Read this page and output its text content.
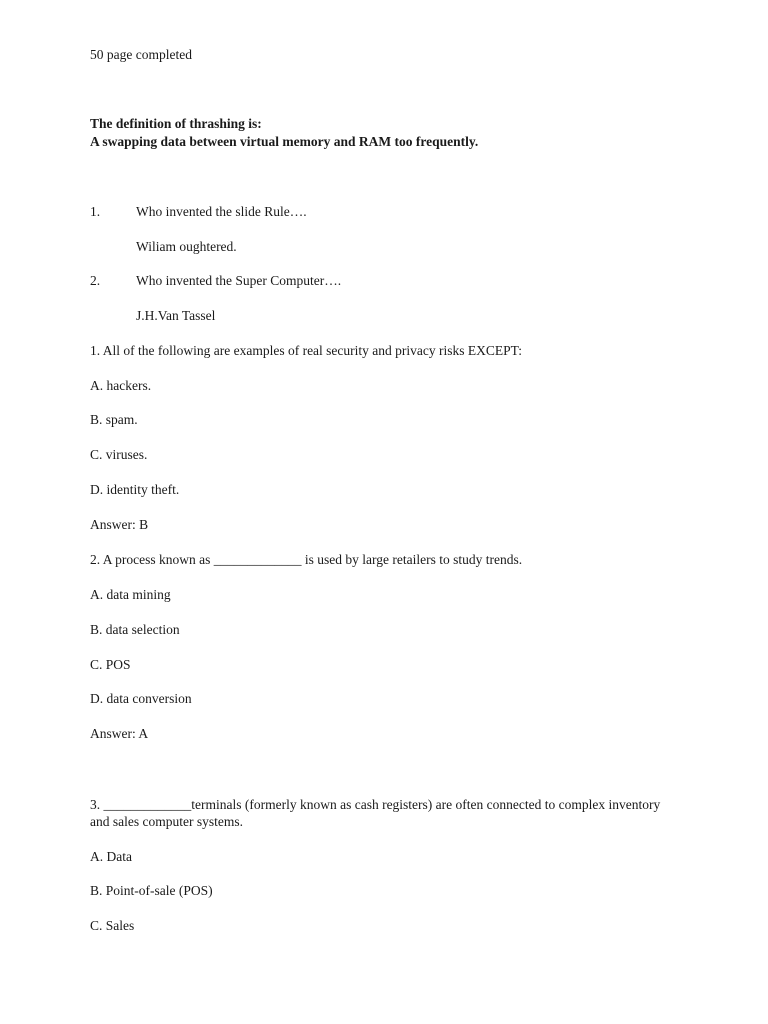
50 page completed
The definition of thrashing is:
A swapping data between virtual memory and RAM too frequently.
1.	Who invented the slide Rule….
Wiliam oughtered.
2.	Who invented the Super Computer….
J.H.Van Tassel
1. All of the following are examples of real security and privacy risks EXCEPT:
A. hackers.
B. spam.
C. viruses.
D. identity theft.
Answer: B
2. A process known as _____________ is used by large retailers to study trends.
A. data mining
B. data selection
C. POS
D. data conversion
Answer: A
3. _____________terminals (formerly known as cash registers) are often connected to complex inventory and sales computer systems.
A. Data
B. Point-of-sale (POS)
C. Sales
